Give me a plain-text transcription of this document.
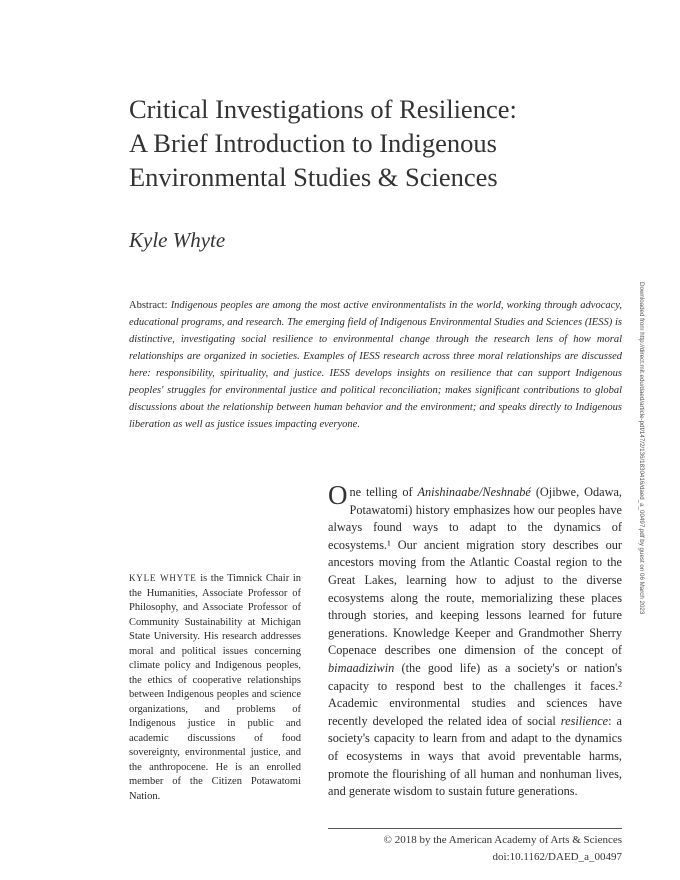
Critical Investigations of Resilience:
A Brief Introduction to Indigenous
Environmental Studies & Sciences

Kyle Whyte

Abstract: Indigenous peoples are among the most active environmentalists in the world, working through advocacy, educational programs, and research. The emerging field of Indigenous Environmental Studies and Sciences (IESS) is distinctive, investigating social resilience to environmental change through the research lens of how moral relationships are organized in societies. Examples of IESS research across three moral relationships are discussed here: responsibility, spirituality, and justice. IESS develops insights on resilience that can support Indigenous peoples' struggles for environmental justice and political reconciliation; makes significant contributions to global discussions about the relationship between human behavior and the environment; and speaks directly to Indigenous liberation as well as justice issues impacting everyone.	Downloaded from http://direct.mit.edu/daed/article-pdf/147/2/136/1830416/daed_a_00497.pdf by guest on 06 March 2023

KYLE WHYTE is the Timnick Chair in the Humanities, Associate Professor of Philosophy, and Associate Professor of Community Sustainability at Michigan State University. His research addresses moral and political issues concerning climate policy and Indigenous peoples, the ethics of cooperative relationships between Indigenous peoples and science organizations, and problems of Indigenous justice in public and academic discussions of food sovereignty, environmental justice, and the anthropocene. He is an enrolled member of the Citizen Potawatomi Nation.

One telling of Anishinaabe/Neshnabé (Ojibwe, Odawa, Potawatomi) history emphasizes how our peoples have always found ways to adapt to the dynamics of ecosystems.¹ Our ancient migration story describes our ancestors moving from the Atlantic Coastal region to the Great Lakes, learning how to adjust to the diverse ecosystems along the route, memorializing these places through stories, and keeping lessons learned for future generations. Knowledge Keeper and Grandmother Sherry Copenace describes one dimension of the concept of bimaadiziwin (the good life) as a society's or nation's capacity to respond best to the challenges it faces.² Academic environmental studies and sciences have recently developed the related idea of social resilience: a society's capacity to learn from and adapt to the dynamics of ecosystems in ways that avoid preventable harms, promote the flourishing of all human and nonhuman lives, and generate wisdom to sustain future generations.

© 2018 by the American Academy of Arts & Sciences

doi:10.1162/DAED_a_00497
